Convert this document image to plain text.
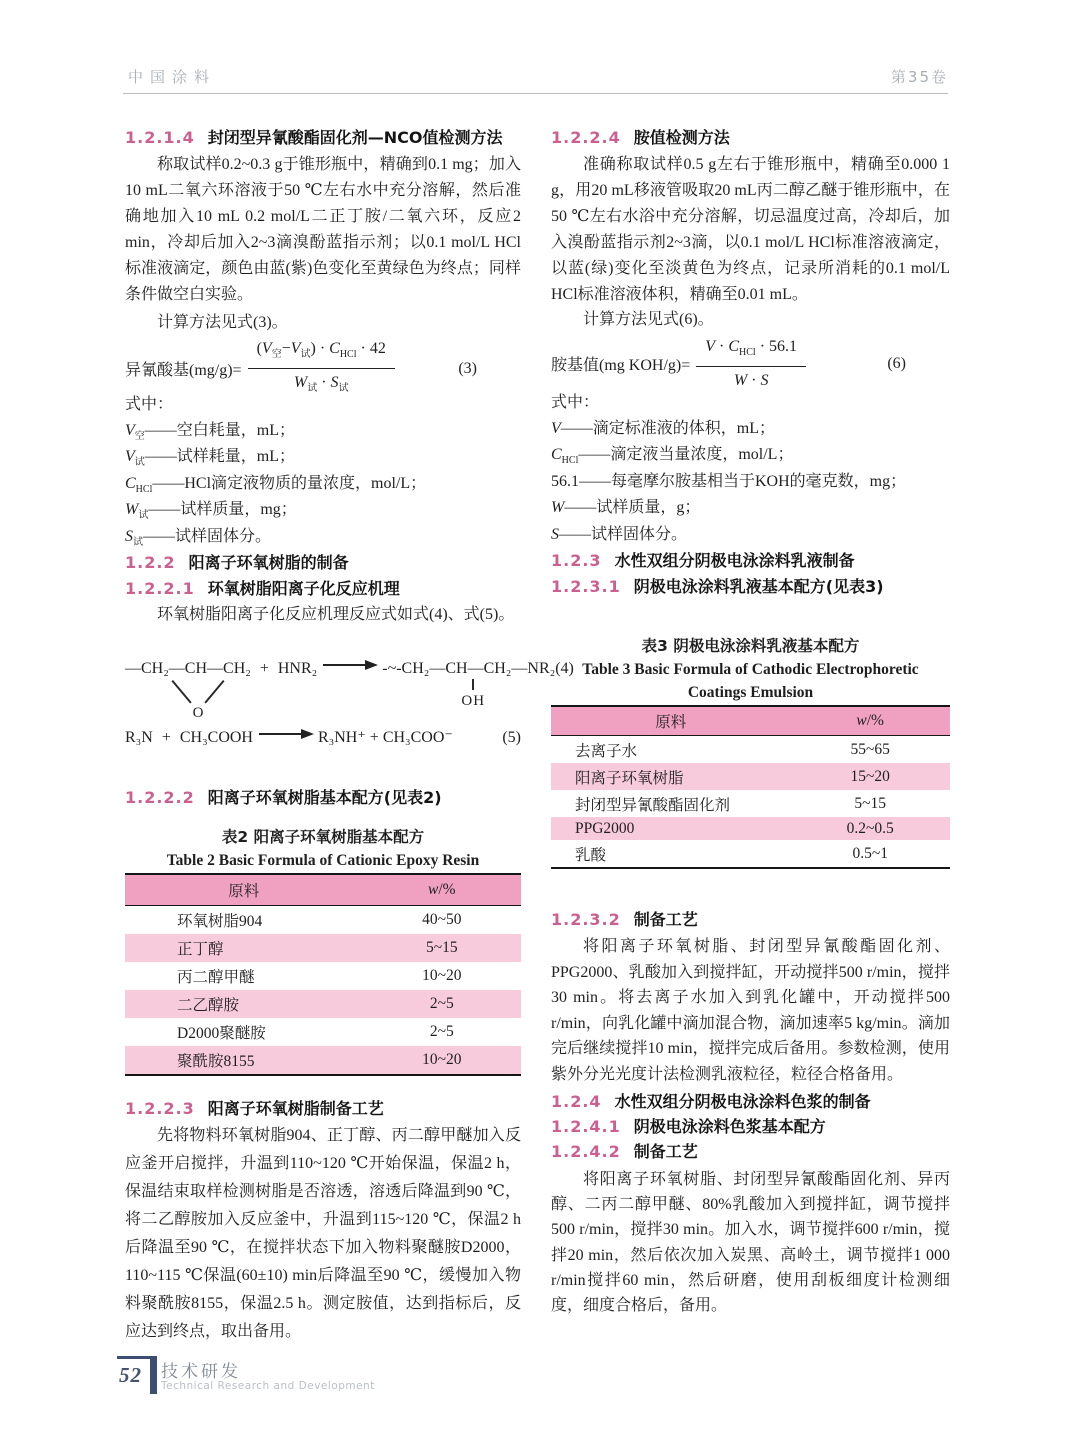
中国涂料	第35卷
1.2.1.4 封闭型异氰酸酯固化剂—NCO值检测方法
称取试样0.2~0.3 g于锥形瓶中，精确到0.1 mg；加入10 mL二氧六环溶液于50 ℃左右水中充分溶解，然后准确地加入10 mL 0.2 mol/L二正丁胺/二氧六环，反应2 min，冷却后加入2~3滴溴酚蓝指示剂；以0.1 mol/L HCl标准液滴定，颜色由蓝(紫)色变化至黄绿色为终点；同样条件做空白实验。
计算方法见式(3)。
异氰酸基$(mg/g)= \frac{(V_空-V_试) \cdot C_{HCl} \cdot 42}{W_试 \cdot S_试}$	(3)
式中：
$V_空——$空白耗量，mL；
$V_试——$试样耗量，mL；
$C_{HCl}——HCl$滴定液物质的量浓度，mol/L；
$W_试——$试样质量，mg；
$S_试——$试样固体分。
1.2.2 阳离子环氧树脂的制备
1.2.2.1 环氧树脂阳离子化反应机理
环氧树脂阳离子化反应机理反应式如式(4)、式(5)。
—CH₂—CH—CH₂
O
+ HNR₂	-~-CH₂—CH—CH₂—NR₂
OH
(4)
R₃N + CH₃COOH	R₃NH⁺ + CH₃COO⁻	(5)
1.2.2.2 阳离子环氧树脂基本配方(见表2)
表2 阳离子环氧树脂基本配方
Table 2 Basic Formula of Cationic Epoxy Resin
原料	w/%
环氧树脂904	40~50
正丁醇	5~15
丙二醇甲醚	10~20
二乙醇胺	2~5
D2000聚醚胺	2~5
聚酰胺8155	10~20
1.2.2.3 阳离子环氧树脂制备工艺
先将物料环氧树脂904、正丁醇、丙二醇甲醚加入反应釜开启搅拌，升温到110~120 ℃开始保温，保温2 h，保温结束取样检测树脂是否溶透，溶透后降温到90 ℃，将二乙醇胺加入反应釜中，升温到115~120 ℃，保温2 h后降温至90 ℃，在搅拌状态下加入物料聚醚胺D2000，110~115 ℃保温(60±10) min后降温至90 ℃，缓慢加入物料聚酰胺8155，保温2.5 h。测定胺值，达到指标后，反应达到终点，取出备用。
1.2.2.4 胺值检测方法
准确称取试样0.5 g左右于锥形瓶中，精确至0.000 1 g，用20 mL移液管吸取20 mL丙二醇乙醚于锥形瓶中，在50 ℃左右水浴中充分溶解，切忌温度过高，冷却后，加入溴酚蓝指示剂2~3滴，以0.1 mol/L HCl标准溶液滴定，以蓝(绿)变化至淡黄色为终点，记录所消耗的0.1 mol/L HCl标准溶液体积，精确至0.01 mL。
计算方法见式(6)。
胺基值(mg $KOH/g)= \frac{V \cdot C_{HCl} \cdot 56.1}{W \cdot S}$	(6)
式中：
V——滴定标准液的体积，mL；
$C_{HCl}——$滴定液当量浓度，mol/L；
56.1——每毫摩尔胺基相当于KOH的毫克数，mg；
W——试样质量，g；
S——试样固体分。
1.2.3 水性双组分阴极电泳涂料乳液制备
1.2.3.1 阴极电泳涂料乳液基本配方(见表3)
表3 阴极电泳涂料乳液基本配方
Table 3 Basic Formula of Cathodic Electrophoretic
Coatings Emulsion
原料	w/%
去离子水	55~65
阳离子环氧树脂	15~20
封闭型异氰酸酯固化剂	5~15
PPG2000	0.2~0.5
乳酸	0.5~1
1.2.3.2 制备工艺
将阳离子环氧树脂、封闭型异氰酸酯固化剂、PPG2000、乳酸加入到搅拌缸，开动搅拌500 r/min，搅拌30 min。将去离子水加入到乳化罐中，开动搅拌500 r/min，向乳化罐中滴加混合物，滴加速率5 kg/min。滴加完后继续搅拌10 min，搅拌完成后备用。参数检测，使用紫外分光光度计法检测乳液粒径，粒径合格备用。
1.2.4 水性双组分阴极电泳涂料色浆的制备
1.2.4.1 阴极电泳涂料色浆基本配方
1.2.4.2 制备工艺
将阳离子环氧树脂、封闭型异氰酸酯固化剂、异丙醇、二丙二醇甲醚、80%乳酸加入到搅拌缸，调节搅拌500 r/min，搅拌30 min。加入水，调节搅拌600 r/min，搅拌20 min，然后依次加入炭黑、高岭土，调节搅拌1 000 r/min搅拌60 min，然后研磨，使用刮板细度计检测细度，细度合格后，备用。
52	技术研发
Technical Research and Development
